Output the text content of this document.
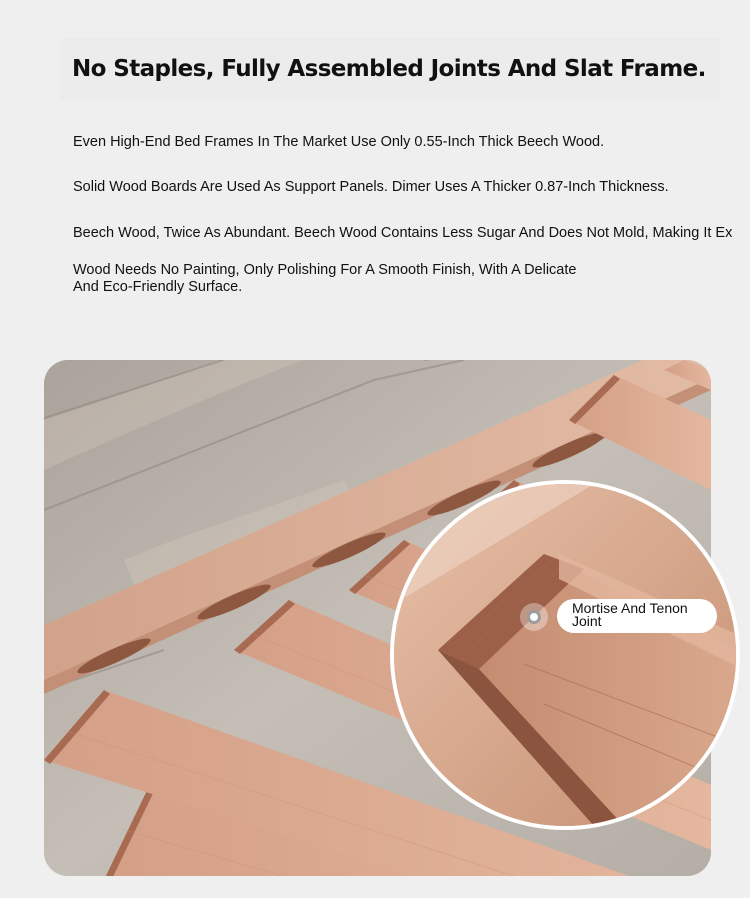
No Staples, Fully Assembled Joints And Slat Frame.

Even High-End Bed Frames In The Market Use Only 0.55-Inch Thick Beech Wood.

Solid Wood Boards Are Used As Support Panels. Dimer Uses A Thicker 0.87-Inch Thickness.

Beech Wood, Twice As Abundant. Beech Wood Contains Less Sugar And Does Not Mold, Making It Ex

Wood Needs No Painting, Only Polishing For A Smooth Finish, With A Delicate
And Eco-Friendly Surface.

Mortise And Tenon
Joint
